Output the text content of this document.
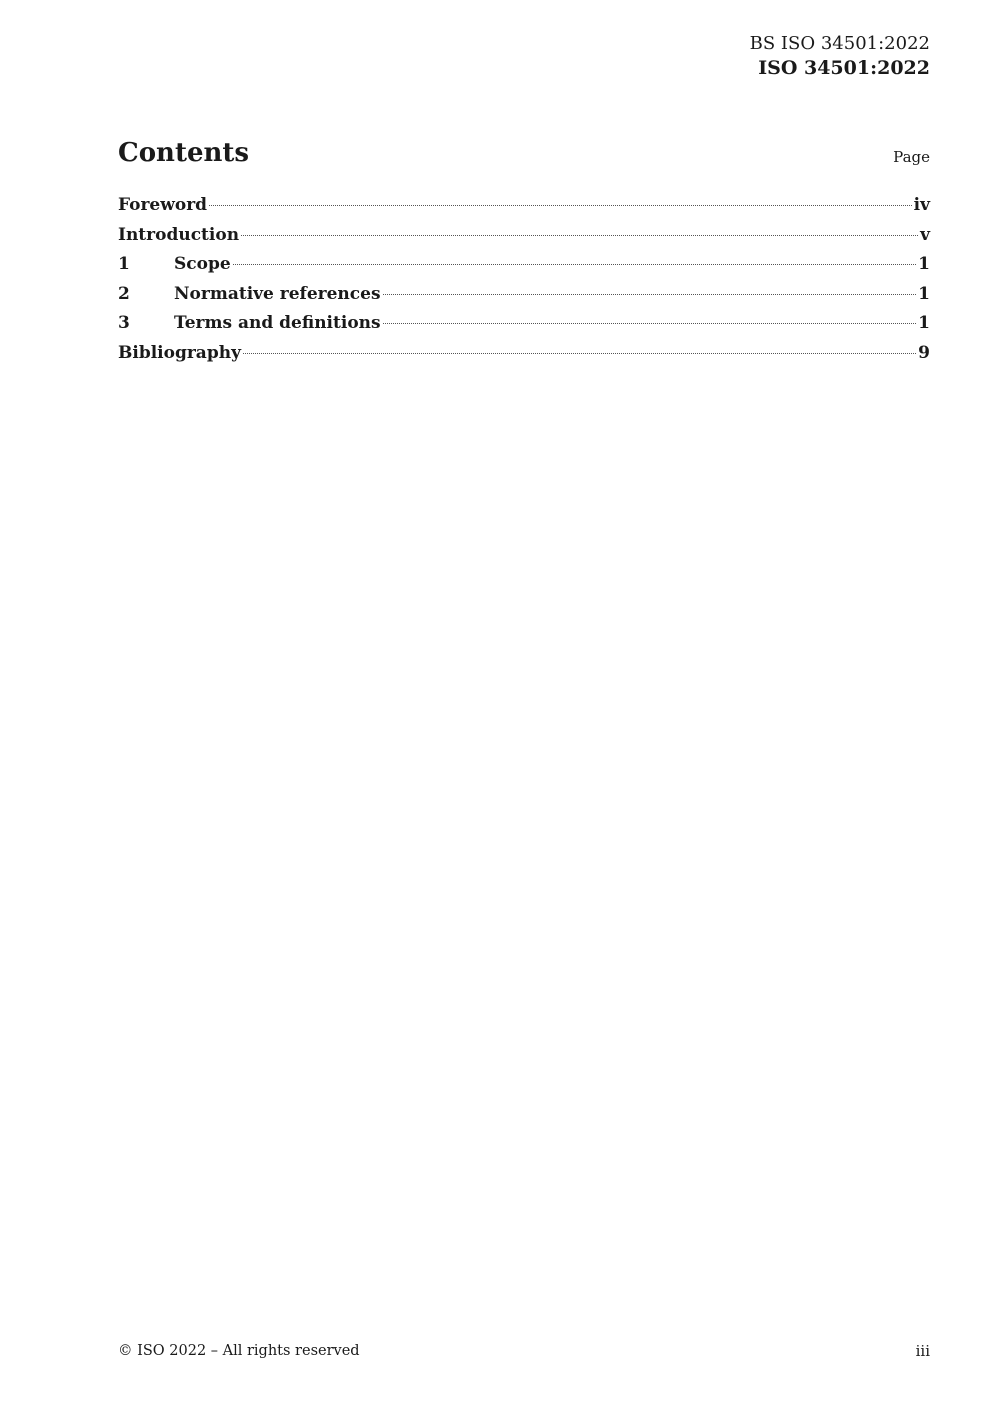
BS ISO 34501:2022
ISO 34501:2022
Contents	Page
Foreword	iv
Introduction	v
1	Scope	1
2	Normative references	1
3	Terms and definitions	1
Bibliography	9
© ISO 2022 – All rights reserved	iii
